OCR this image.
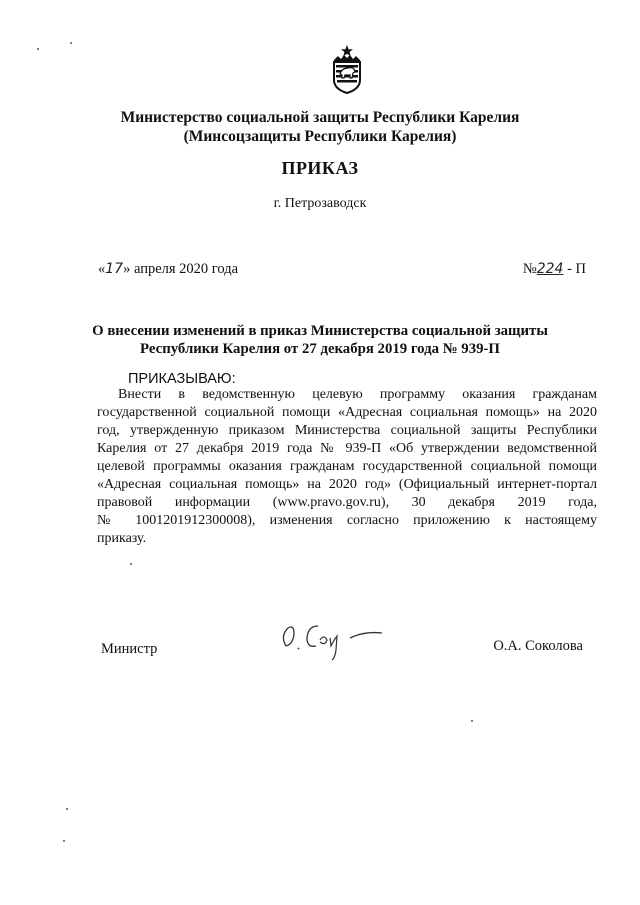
Министерство социальной защиты Республики Карелия
(Минсоцзащиты Республики Карелия)
ПРИКАЗ
г. Петрозаводск
«17» апреля 2020 года	№224 - П
О внесении изменений в приказ Министерства социальной защиты
Республики Карелия от 27 декабря 2019 года № 939-П
ПРИКАЗЫВАЮ:
Внести в ведомственную целевую программу оказания гражданам
государственной социальной помощи «Адресная социальная помощь» на 2020
год, утвержденную приказом Министерства социальной защиты Республики
Карелия от 27 декабря 2019 года № 939-П «Об утверждении ведомственной
целевой программы оказания гражданам государственной социальной помощи
«Адресная социальная помощь» на 2020 год» (Официальный интернет-портал
правовой информации (www.pravo.gov.ru), 30 декабря 2019 года,
№ 1001201912300008), изменения согласно приложению к настоящему
приказу.
Министр	О.А. Соколова
